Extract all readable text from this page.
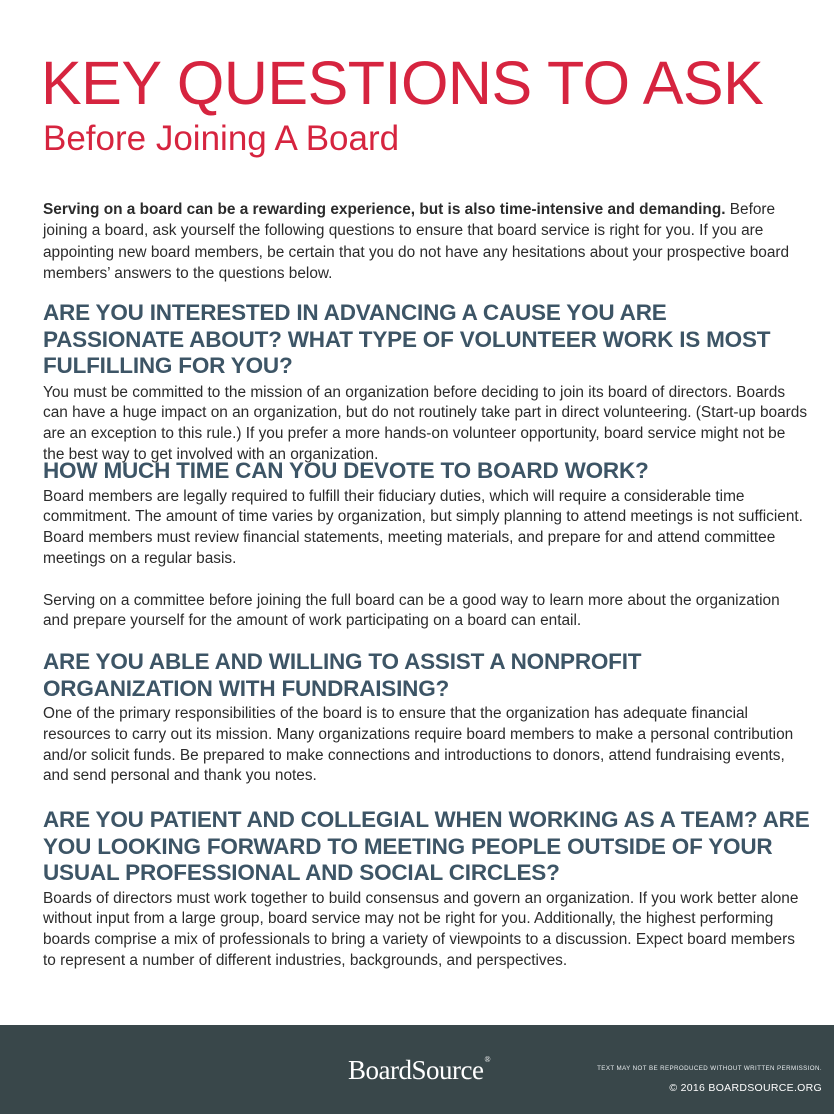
KEY QUESTIONS TO ASK
Before Joining A Board

Serving on a board can be a rewarding experience, but is also time-intensive and demanding. Before joining a board, ask yourself the following questions to ensure that board service is right for you. If you are appointing new board members, be certain that you do not have any hesitations about your prospective board members’ answers to the questions below.

ARE YOU INTERESTED IN ADVANCING A CAUSE YOU ARE PASSIONATE ABOUT? WHAT TYPE OF VOLUNTEER WORK IS MOST FULFILLING FOR YOU?

You must be committed to the mission of an organization before deciding to join its board of directors. Boards can have a huge impact on an organization, but do not routinely take part in direct volunteering. (Start-up boards are an exception to this rule.) If you prefer a more hands-on volunteer opportunity, board service might not be the best way to get involved with an organization.

HOW MUCH TIME CAN YOU DEVOTE TO BOARD WORK?

Board members are legally required to fulfill their fiduciary duties, which will require a considerable time commitment. The amount of time varies by organization, but simply planning to attend meetings is not sufficient. Board members must review financial statements, meeting materials, and prepare for and attend committee meetings on a regular basis.

Serving on a committee before joining the full board can be a good way to learn more about the organization and prepare yourself for the amount of work participating on a board can entail.

ARE YOU ABLE AND WILLING TO ASSIST A NONPROFIT ORGANIZATION WITH FUNDRAISING?

One of the primary responsibilities of the board is to ensure that the organization has adequate financial resources to carry out its mission. Many organizations require board members to make a personal contribution and/or solicit funds. Be prepared to make connections and introductions to donors, attend fundraising events, and send personal and thank you notes.

ARE YOU PATIENT AND COLLEGIAL WHEN WORKING AS A TEAM? ARE YOU LOOKING FORWARD TO MEETING PEOPLE OUTSIDE OF YOUR USUAL PROFESSIONAL AND SOCIAL CIRCLES?

Boards of directors must work together to build consensus and govern an organization. If you work better alone without input from a large group, board service may not be right for you. Additionally, the highest performing boards comprise a mix of professionals to bring a variety of viewpoints to a discussion. Expect board members to represent a number of different industries, backgrounds, and perspectives.

BoardSource®
TEXT MAY NOT BE REPRODUCED WITHOUT WRITTEN PERMISSION.
© 2016 BOARDSOURCE.ORG
